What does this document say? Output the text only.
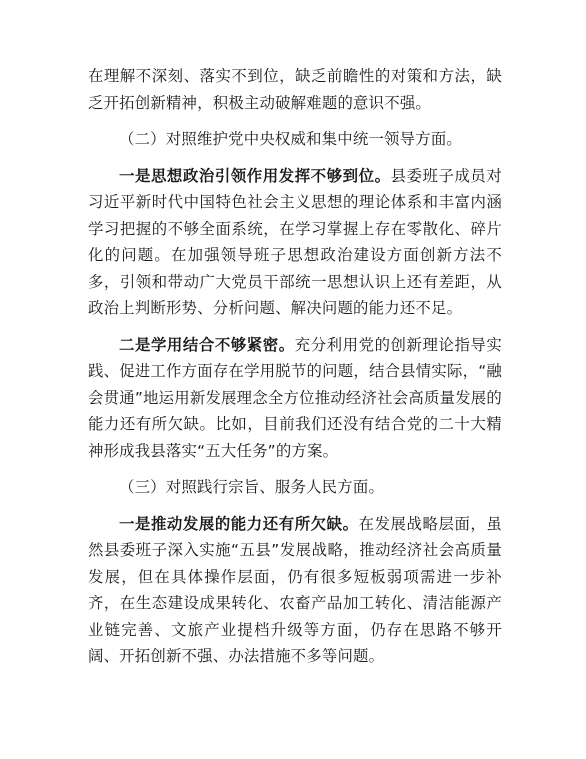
在理解不深刻、落实不到位，缺乏前瞻性的对策和方法，缺乏开拓创新精神，积极主动破解难题的意识不强。

（二）对照维护党中央权威和集中统一领导方面。

一是思想政治引领作用发挥不够到位。县委班子成员对习近平新时代中国特色社会主义思想的理论体系和丰富内涵学习把握的不够全面系统，在学习掌握上存在零散化、碎片化的问题。在加强领导班子思想政治建设方面创新方法不多，引领和带动广大党员干部统一思想认识上还有差距，从政治上判断形势、分析问题、解决问题的能力还不足。

二是学用结合不够紧密。充分利用党的创新理论指导实践、促进工作方面存在学用脱节的问题，结合县情实际，“融会贯通”地运用新发展理念全方位推动经济社会高质量发展的能力还有所欠缺。比如，目前我们还没有结合党的二十大精神形成我县落实“五大任务”的方案。

（三）对照践行宗旨、服务人民方面。

一是推动发展的能力还有所欠缺。在发展战略层面，虽然县委班子深入实施“五县”发展战略，推动经济社会高质量发展，但在具体操作层面，仍有很多短板弱项需进一步补齐，在生态建设成果转化、农畜产品加工转化、清洁能源产业链完善、文旅产业提档升级等方面，仍存在思路不够开阔、开拓创新不强、办法措施不多等问题。
